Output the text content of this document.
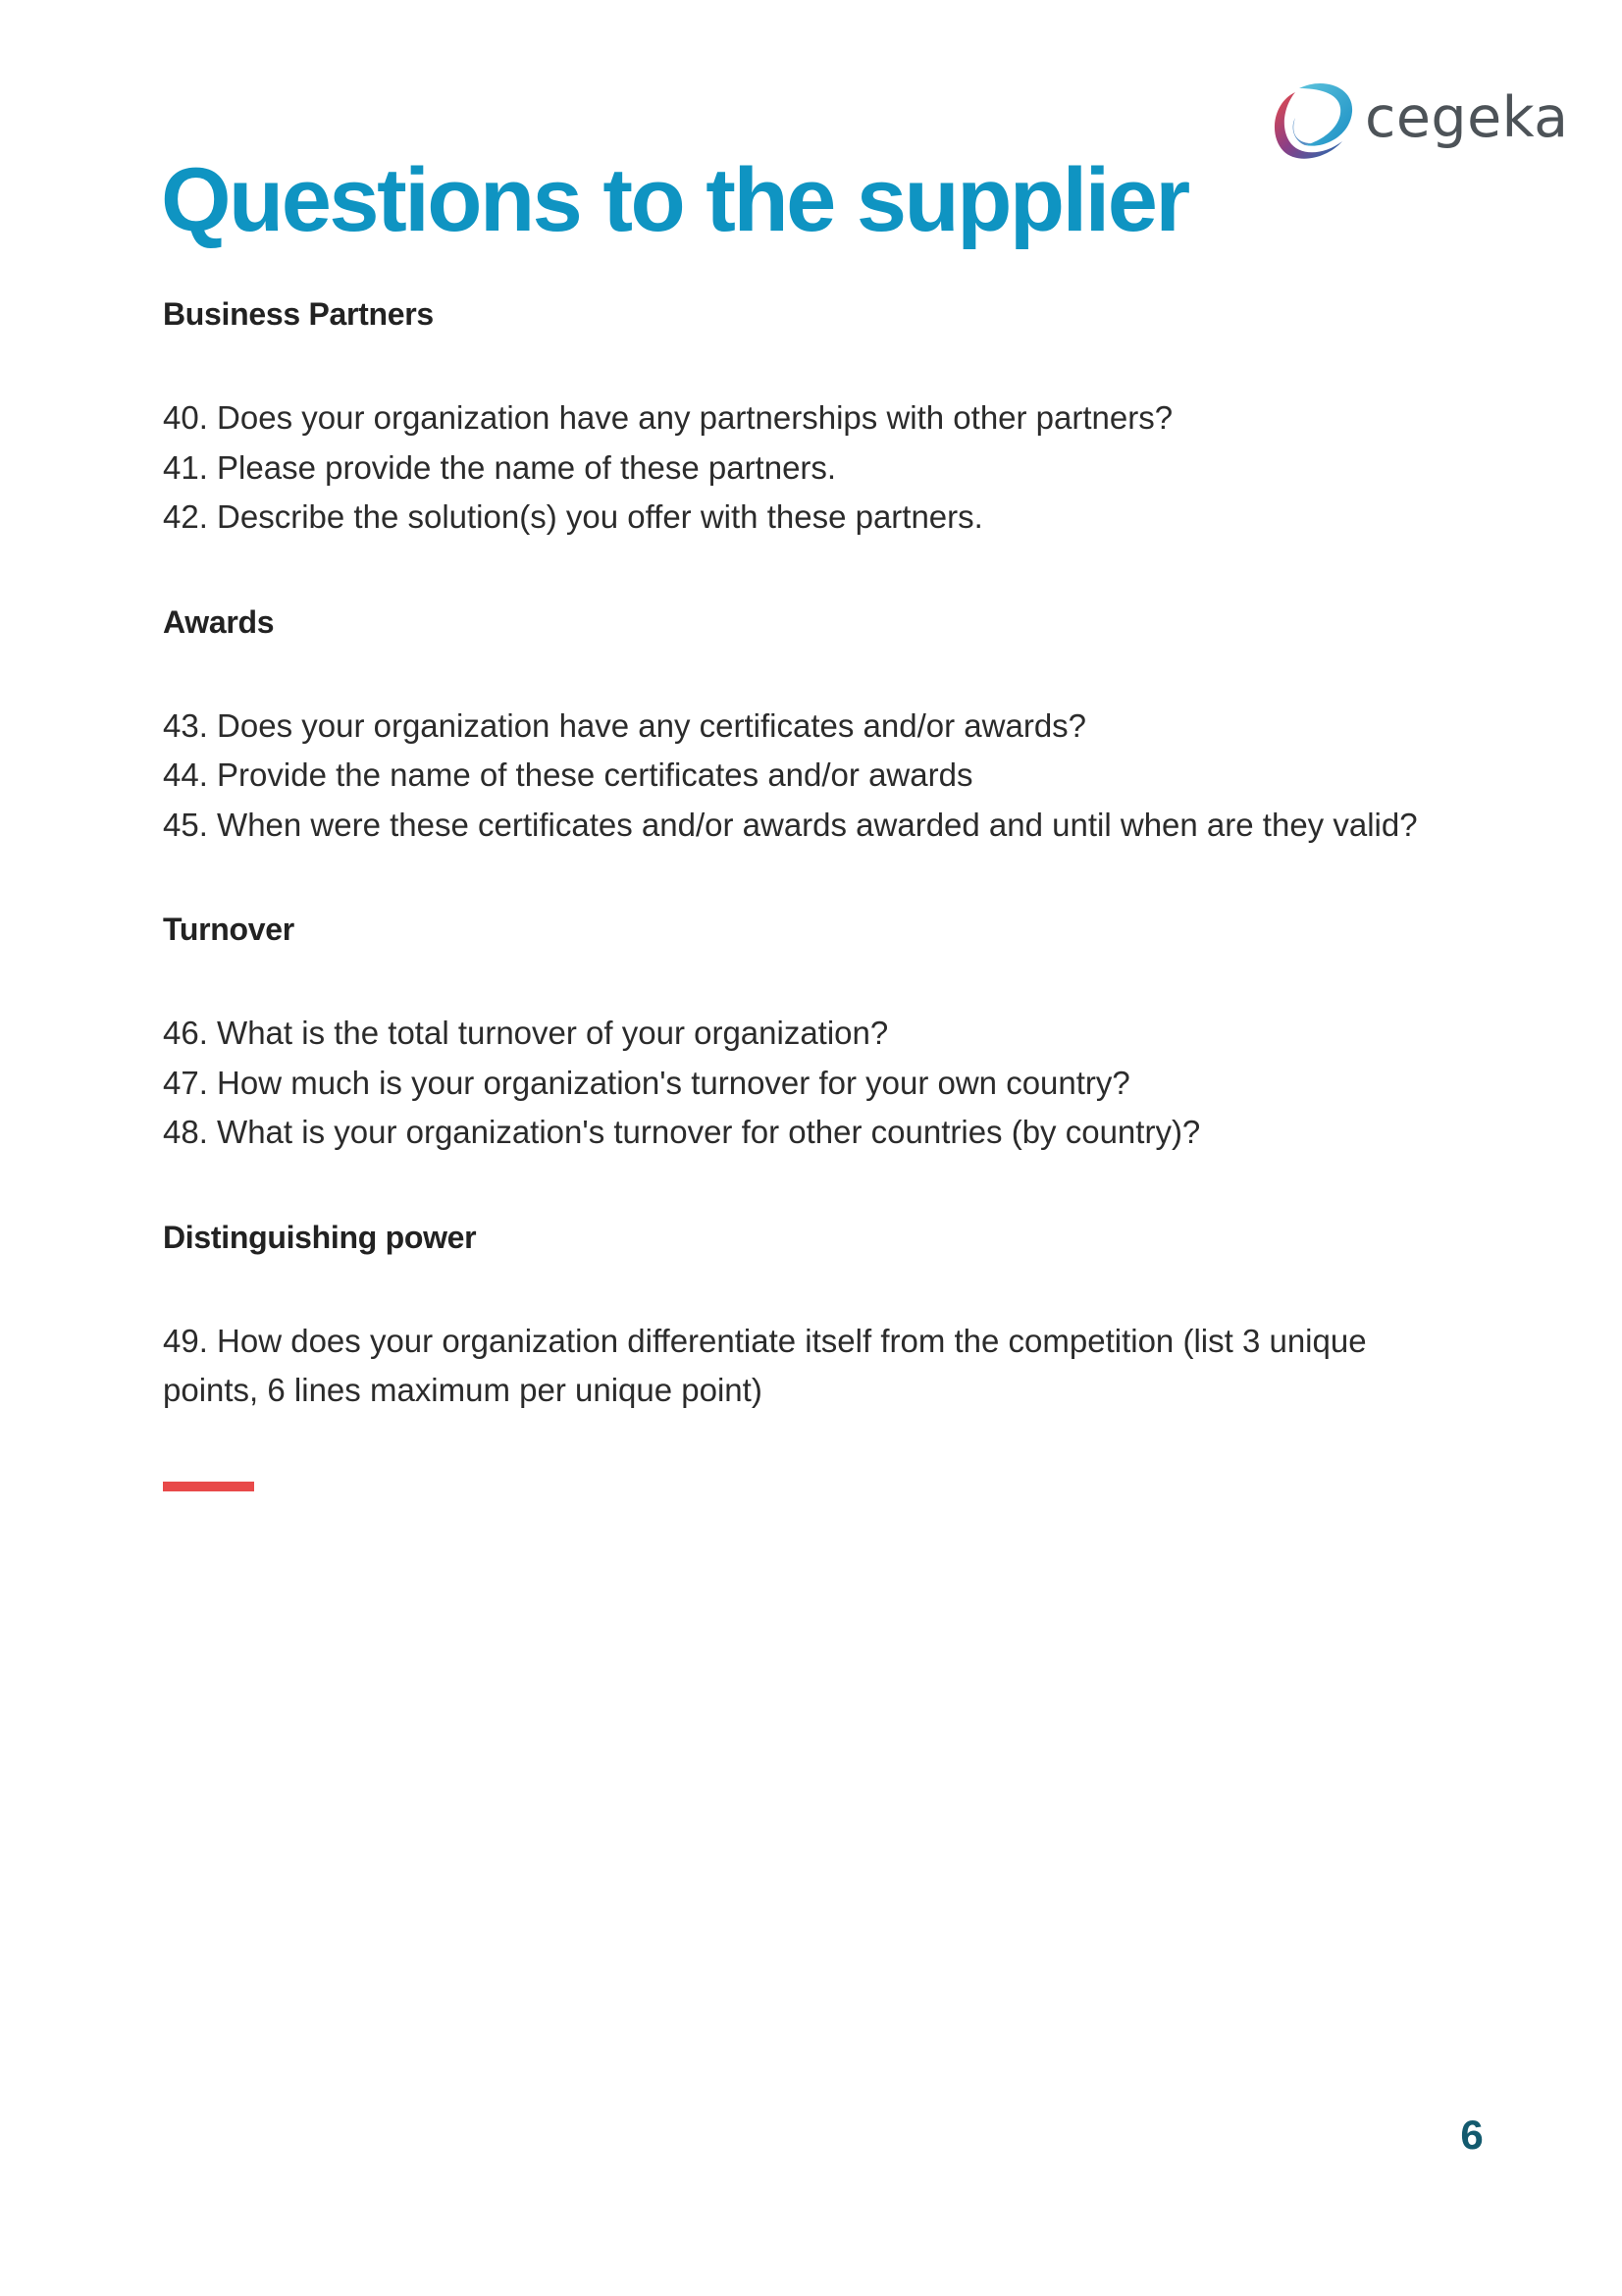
cegeka
Questions to the supplier
Business Partners
40. Does your organization have any partnerships with other partners?
41. Please provide the name of these partners.
42. Describe the solution(s) you offer with these partners.
Awards
43. Does your organization have any certificates and/or awards?
44. Provide the name of these certificates and/or awards
45. When were these certificates and/or awards awarded and until when are they valid?
Turnover
46. What is the total turnover of your organization?
47. How much is your organization's turnover for your own country?
48. What is your organization's turnover for other countries (by country)?
Distinguishing power
49. How does your organization differentiate itself from the competition (list 3 unique points, 6 lines maximum per unique point)
6
